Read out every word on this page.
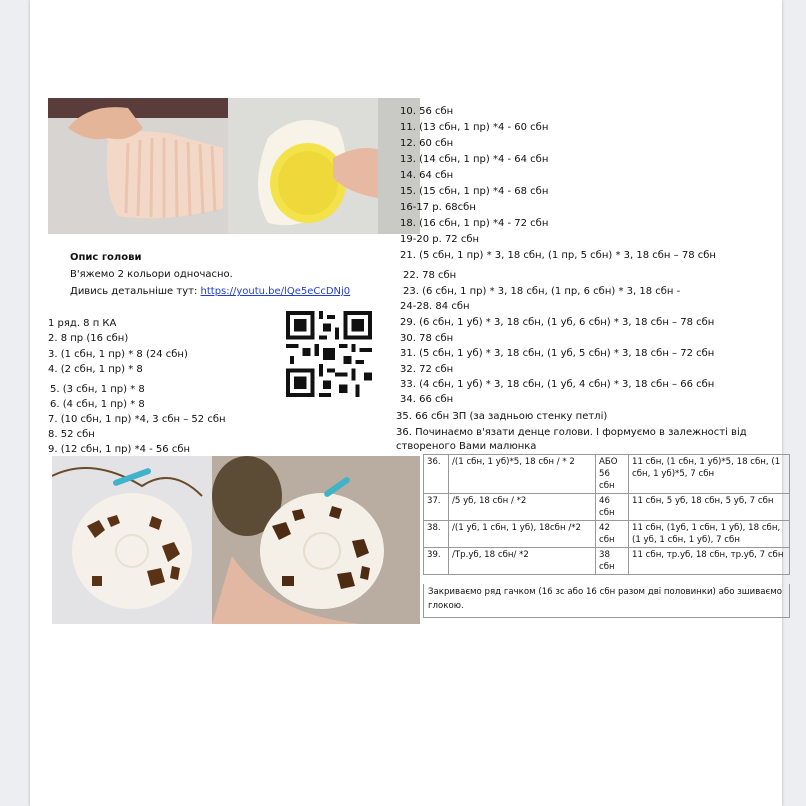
Опис голови
В'яжемо 2 кольори одночасно.
Дивись детальніше тут: https://youtu.be/lQe5eCcDNj0
1 ряд. 8 п КА
2. 8 пр (16 сбн)
3. (1 сбн, 1 пр) * 8 (24 сбн)
4. (2 сбн, 1 пр) * 8
5. (3 сбн, 1 пр) * 8
6. (4 сбн, 1 пр) * 8
7. (10 сбн, 1 пр) *4, 3 сбн – 52 сбн
8. 52 сбн
9. (12 сбн, 1 пр) *4 - 56 сбн
10. 56 сбн
11. (13 сбн, 1 пр) *4 - 60 сбн
12. 60 сбн
13. (14 сбн, 1 пр) *4 - 64 сбн
14. 64 сбн
15. (15 сбн, 1 пр) *4 - 68 сбн
16-17 р. 68сбн
18. (16 сбн, 1 пр) *4 - 72 сбн
19-20 р. 72 сбн
21. (5 сбн, 1 пр) * 3, 18 сбн, (1 пр, 5 сбн) * 3, 18 сбн – 78 сбн
22. 78 сбн
23. (6 сбн, 1 пр) * 3, 18 сбн, (1 пр, 6 сбн) * 3, 18 сбн -
24-28. 84 сбн
29. (6 сбн, 1 уб) * 3, 18 сбн, (1 уб, 6 сбн) * 3, 18 сбн – 78 сбн
30. 78 сбн
31. (5 сбн, 1 уб) * 3, 18 сбн, (1 уб, 5 сбн) * 3, 18 сбн – 72 сбн
32. 72 сбн
33. (4 сбн, 1 уб) * 3, 18 сбн, (1 уб, 4 сбн) * 3, 18 сбн – 66 сбн
34. 66 сбн
35. 66 сбн ЗП (за задньою стенку петлі)
36. Починаємо в'язати денце голови. І формуємо в залежності від
створеного Вами малюнка
36.	/(1 сбн, 1 уб)*5, 18 сбн / * 2	АБО 56 сбн	11 сбн, (1 сбн, 1 уб)*5, 18 сбн, (1 сбн, 1 уб)*5, 7 сбн
37.	/5 уб, 18 сбн / *2	46 сбн	11 сбн, 5 уб, 18 сбн, 5 уб, 7 сбн
38.	/(1 уб, 1 сбн, 1 уб), 18сбн /*2	42 сбн	11 сбн, (1уб, 1 сбн, 1 уб), 18 сбн, (1 уб, 1 сбн, 1 уб), 7 сбн
39.	/Тр.уб, 18 сбн/ *2	38 сбн	11 сбн, тр.уб, 18 сбн, тр.уб, 7 сбн
Закриваємо ряд гачком (16 зс або 16 сбн разом дві половинки) або зшиваємо глокою.
